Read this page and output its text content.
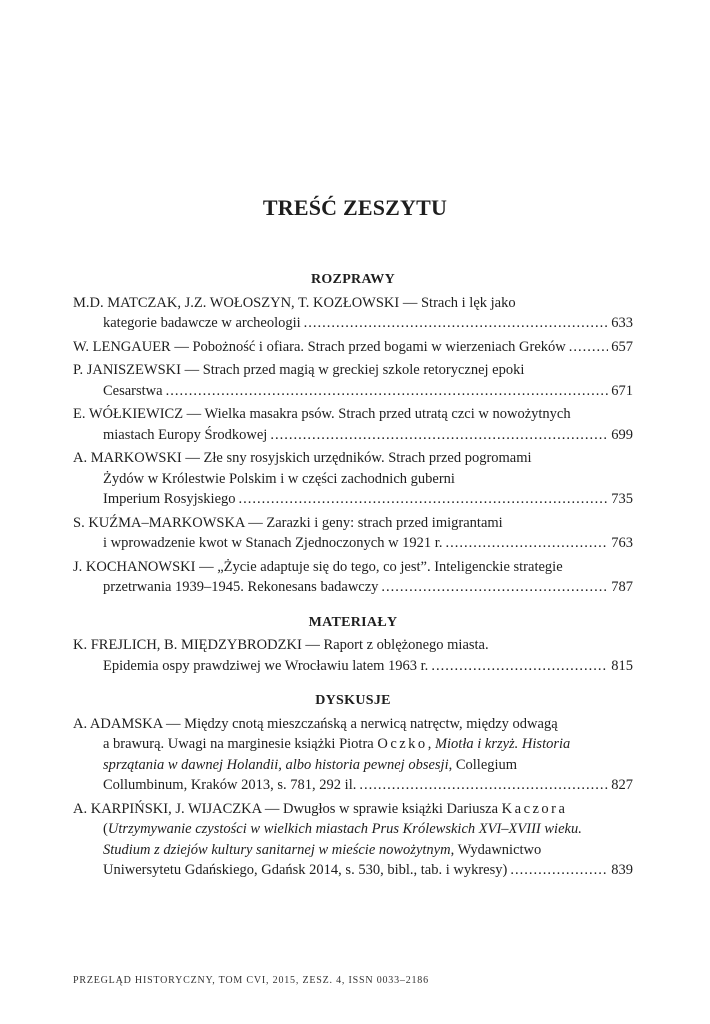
TREŚĆ ZESZYTU
ROZPRAWY
M.D. MATCZAK, J.Z. WOŁOSZYN, T. KOZŁOWSKI — Strach i lęk jako
kategorie badawcze w archeologii .....	633
W. LENGAUER — Pobożność i ofiara. Strach przed bogami w wierzeniach Greków .....	657
P. JANISZEWSKI — Strach przed magią w greckiej szkole retorycznej epoki
Cesarstwa .....	671
E. WÓŁKIEWICZ — Wielka masakra psów. Strach przed utratą czci w nowożytnych
miastach Europy Środkowej .....	699
A. MARKOWSKI — Złe sny rosyjskich urzędników. Strach przed pogromami
Żydów w Królestwie Polskim i w części zachodnich guberni
Imperium Rosyjskiego .....	735
S. KUŹMA–MARKOWSKA — Zarazki i geny: strach przed imigrantami
i wprowadzenie kwot w Stanach Zjednoczonych w 1921 r. .....	763
J. KOCHANOWSKI — „Życie adaptuje się do tego, co jest”. Inteligenckie strategie
przetrwania 1939–1945. Rekonesans badawczy .....	787
MATERIAŁY
K. FREJLICH, B. MIĘDZYBRODZKI — Raport z oblężonego miasta.
Epidemia ospy prawdziwej we Wrocławiu latem 1963 r. .....	815
DYSKUSJE
A. ADAMSKA — Między cnotą mieszczańską a nerwicą natręctw, między odwagą
a brawurą. Uwagi na marginesie książki Piotra Oczko, Miotła i krzyż. Historia
sprzątania w dawnej Holandii, albo historia pewnej obsesji, Collegium
Collumbinum, Kraków 2013, s. 781, 292 il. .....	827
A. KARPIŃSKI, J. WIJACZKA — Dwugłos w sprawie książki Dariusza Kaczora
(Utrzymywanie czystości w wielkich miastach Prus Królewskich XVI–XVIII wieku.
Studium z dziejów kultury sanitarnej w mieście nowożytnym, Wydawnictwo
Uniwersytetu Gdańskiego, Gdańsk 2014, s. 530, bibl., tab. i wykresy) .....	839
PRZEGLĄD HISTORYCZNY, TOM CVI, 2015, ZESZ. 4, ISSN 0033–2186
